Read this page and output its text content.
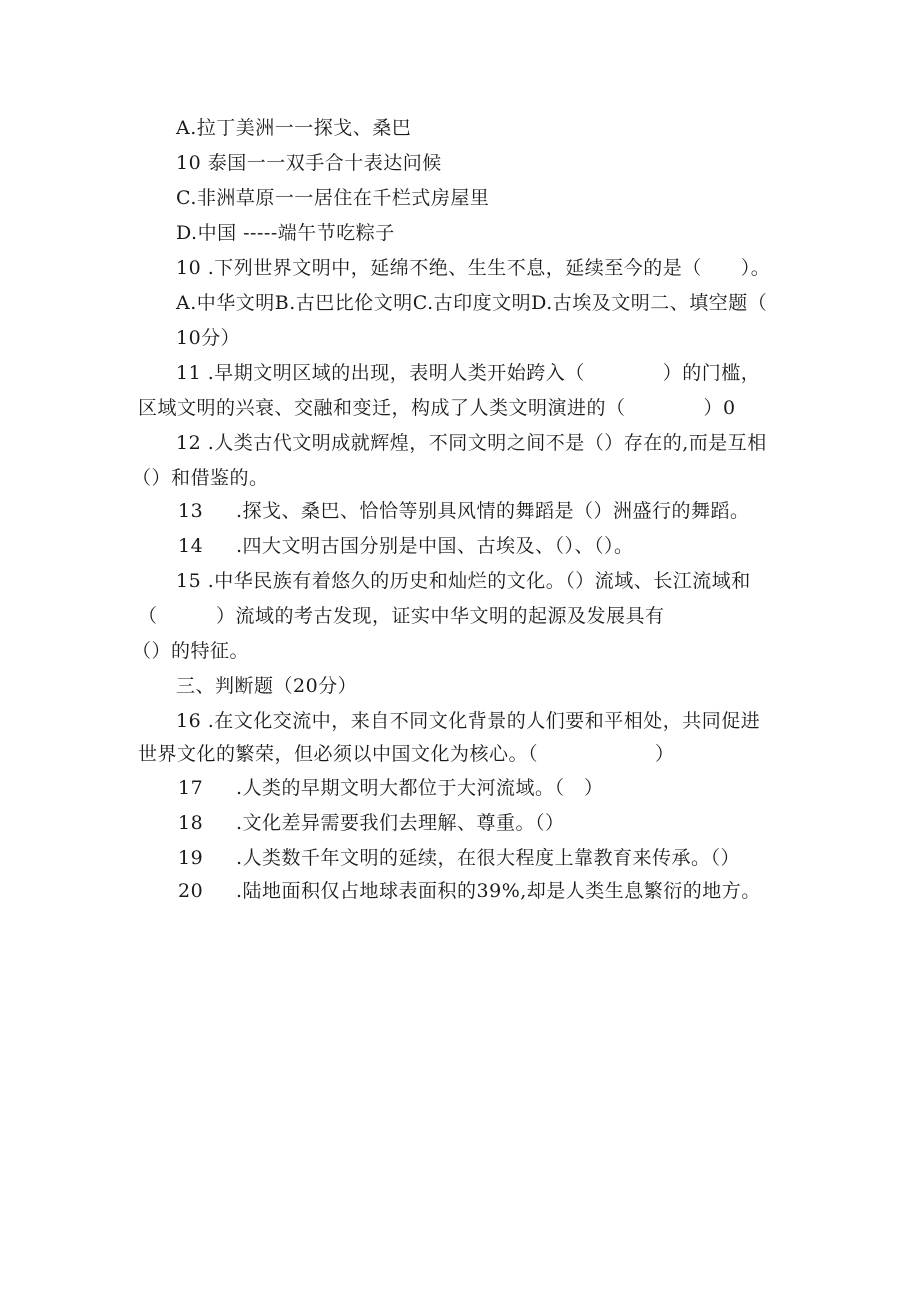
A.拉丁美洲一一探戈、桑巴
10 泰国一一双手合十表达问候
C.非洲草原一一居住在千栏式房屋里
D.中国 -----端午节吃粽子
10 .下列世界文明中，延绵不绝、生生不息，延续至今的是（　　）。
A.中华文明B.古巴比伦文明C.古印度文明D.古埃及文明二、填空题（
10分）
11 .早期文明区域的出现，表明人类开始跨入（　　　　）的门槛，
区域文明的兴衰、交融和变迁，构成了人类文明演进的（　　　　）0
12 .人类古代文明成就辉煌，不同文明之间不是（）存在的,而是互相
（）和借鉴的。
13 .探戈、桑巴、恰恰等别具风情的舞蹈是（）洲盛行的舞蹈。
14 .四大文明古国分别是中国、古埃及、（）、（）。
15 .中华民族有着悠久的历史和灿烂的文化。（）流域、长江流域和
（　　　）流域的考古发现，证实中华文明的起源及发展具有
（）的特征。
三、判断题（20分）
16 .在文化交流中，来自不同文化背景的人们要和平相处，共同促进
世界文化的繁荣，但必须以中国文化为核心。（　　　　　　）
17 .人类的早期文明大都位于大河流域。（　）
18 .文化差异需要我们去理解、尊重。（）
19 .人类数千年文明的延续，在很大程度上靠教育来传承。（）
20 .陆地面积仅占地球表面积的39%,却是人类生息繁衍的地方。
